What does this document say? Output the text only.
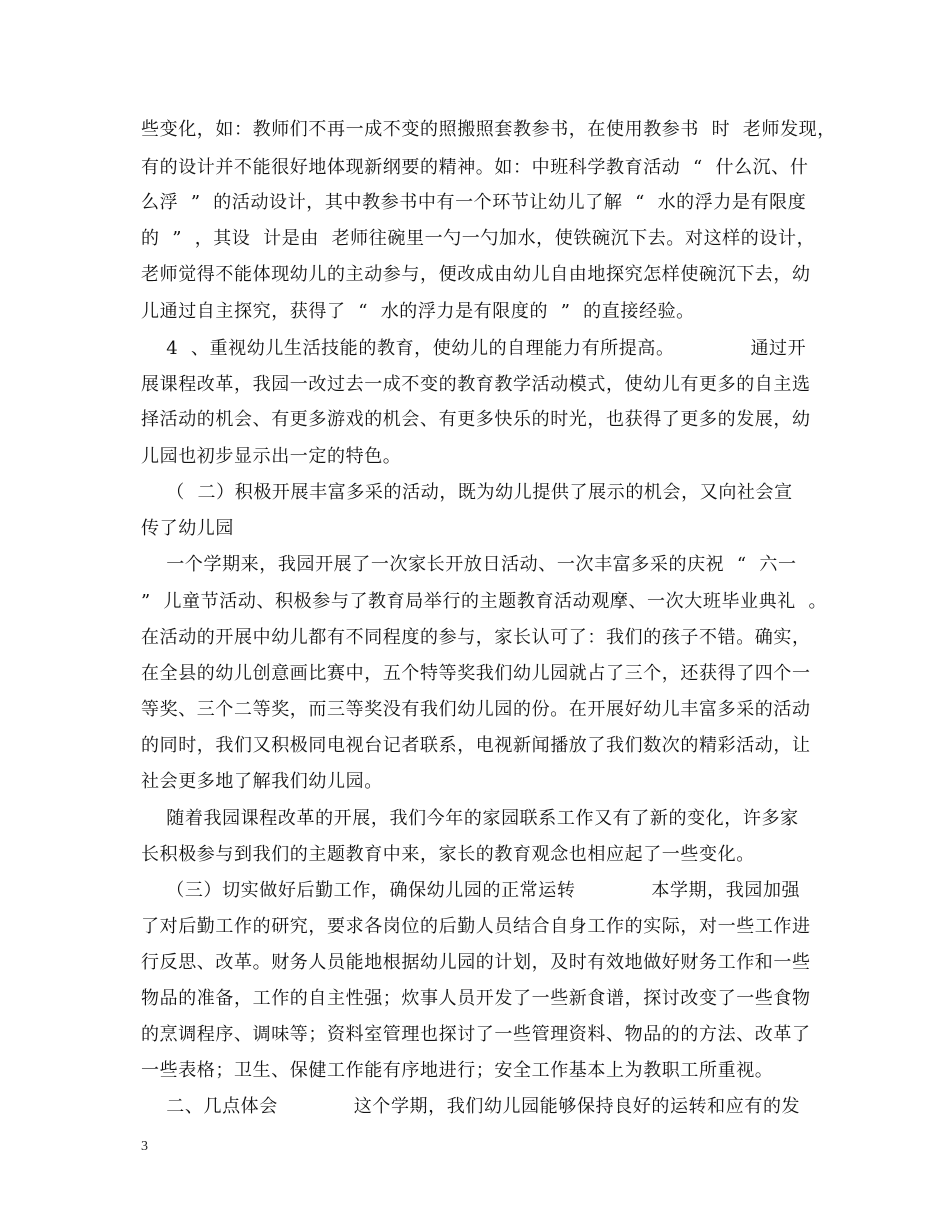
些变化，如：教师们不再一成不变的照搬照套教参书，在使用教参书  时  老师发现，
有的设计并不能很好地体现新纲要的精神。如：中班科学教育活动  “  什么沉、什
么浮  ”  的活动设计，其中教参书中有一个环节让幼儿了解  “  水的浮力是有限度
的  ”  ，其设  计是由  老师往碗里一勺一勺加水，使铁碗沉下去。对这样的设计，
老师觉得不能体现幼儿的主动参与，便改成由幼儿自由地探究怎样使碗沉下去，幼
儿通过自主探究，获得了  “  水的浮力是有限度的  ”  的直接经验。
4  、重视幼儿生活技能的教育，使幼儿的自理能力有所提高。            通过开
展课程改革，我园一改过去一成不变的教育教学活动模式，使幼儿有更多的自主选
择活动的机会、有更多游戏的机会、有更多快乐的时光，也获得了更多的发展，幼
儿园也初步显示出一定的特色。
（  二）积极开展丰富多采的活动，既为幼儿提供了展示的机会，又向社会宣
传了幼儿园
一个学期来，我园开展了一次家长开放日活动、一次丰富多采的庆祝  “  六一
”  儿童节活动、积极参与了教育局举行的主题教育活动观摩、一次大班毕业典礼  。
在活动的开展中幼儿都有不同程度的参与，家长认可了：我们的孩子不错。确实，
在全县的幼儿创意画比赛中，五个特等奖我们幼儿园就占了三个，还获得了四个一
等奖、三个二等奖，而三等奖没有我们幼儿园的份。在开展好幼儿丰富多采的活动
的同时，我们又积极同电视台记者联系，电视新闻播放了我们数次的精彩活动，让
社会更多地了解我们幼儿园。
随着我园课程改革的开展，我们今年的家园联系工作又有了新的变化，许多家
长积极参与到我们的主题教育中来，家长的教育观念也相应起了一些变化。
（三）切实做好后勤工作，确保幼儿园的正常运转            本学期，我园加强
了对后勤工作的研究，要求各岗位的后勤人员结合自身工作的实际，对一些工作进
行反思、改革。财务人员能地根据幼儿园的计划，及时有效地做好财务工作和一些
物品的准备，工作的自主性强；炊事人员开发了一些新食谱，探讨改变了一些食物
的烹调程序、调味等；资料室管理也探讨了一些管理资料、物品的的方法、改革了
一些表格；卫生、保健工作能有序地进行；安全工作基本上为教职工所重视。
二、几点体会            这个学期，我们幼儿园能够保持良好的运转和应有的发
3
